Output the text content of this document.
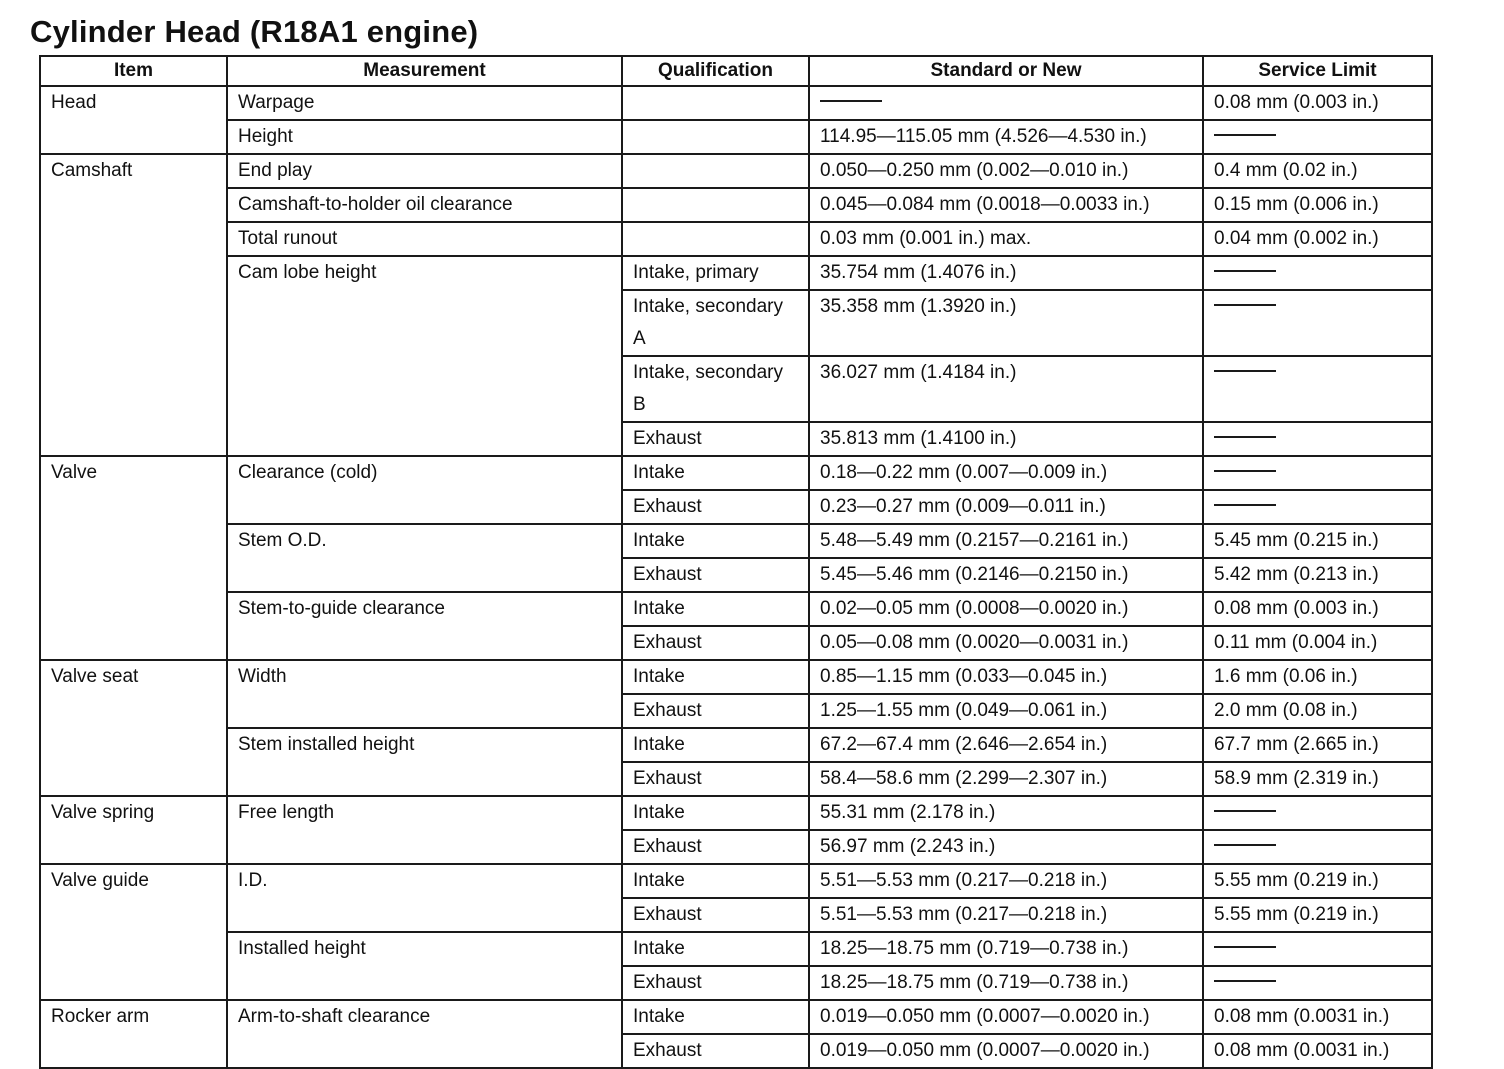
Cylinder Head (R18A1 engine)
Item	Measurement	Qualification	Standard or New	Service Limit
Head	Warpage			0.08 mm (0.003 in.)
	Height		114.95—115.05 mm (4.526—4.530 in.)	
Camshaft	End play		0.050—0.250 mm (0.002—0.010 in.)	0.4 mm (0.02 in.)
	Camshaft-to-holder oil clearance		0.045—0.084 mm (0.0018—0.0033 in.)	0.15 mm (0.006 in.)
	Total runout		0.03 mm (0.001 in.) max.	0.04 mm (0.002 in.)
	Cam lobe height	Intake, primary	35.754 mm (1.4076 in.)	
		Intake, secondary A	35.358 mm (1.3920 in.)	
		Intake, secondary B	36.027 mm (1.4184 in.)	
		Exhaust	35.813 mm (1.4100 in.)	
Valve	Clearance (cold)	Intake	0.18—0.22 mm (0.007—0.009 in.)	
		Exhaust	0.23—0.27 mm (0.009—0.011 in.)	
	Stem O.D.	Intake	5.48—5.49 mm (0.2157—0.2161 in.)	5.45 mm (0.215 in.)
		Exhaust	5.45—5.46 mm (0.2146—0.2150 in.)	5.42 mm (0.213 in.)
	Stem-to-guide clearance	Intake	0.02—0.05 mm (0.0008—0.0020 in.)	0.08 mm (0.003 in.)
		Exhaust	0.05—0.08 mm (0.0020—0.0031 in.)	0.11 mm (0.004 in.)
Valve seat	Width	Intake	0.85—1.15 mm (0.033—0.045 in.)	1.6 mm (0.06 in.)
		Exhaust	1.25—1.55 mm (0.049—0.061 in.)	2.0 mm (0.08 in.)
	Stem installed height	Intake	67.2—67.4 mm (2.646—2.654 in.)	67.7 mm (2.665 in.)
		Exhaust	58.4—58.6 mm (2.299—2.307 in.)	58.9 mm (2.319 in.)
Valve spring	Free length	Intake	55.31 mm (2.178 in.)	
		Exhaust	56.97 mm (2.243 in.)	
Valve guide	I.D.	Intake	5.51—5.53 mm (0.217—0.218 in.)	5.55 mm (0.219 in.)
		Exhaust	5.51—5.53 mm (0.217—0.218 in.)	5.55 mm (0.219 in.)
	Installed height	Intake	18.25—18.75 mm (0.719—0.738 in.)	
		Exhaust	18.25—18.75 mm (0.719—0.738 in.)	
Rocker arm	Arm-to-shaft clearance	Intake	0.019—0.050 mm (0.0007—0.0020 in.)	0.08 mm (0.0031 in.)
		Exhaust	0.019—0.050 mm (0.0007—0.0020 in.)	0.08 mm (0.0031 in.)
